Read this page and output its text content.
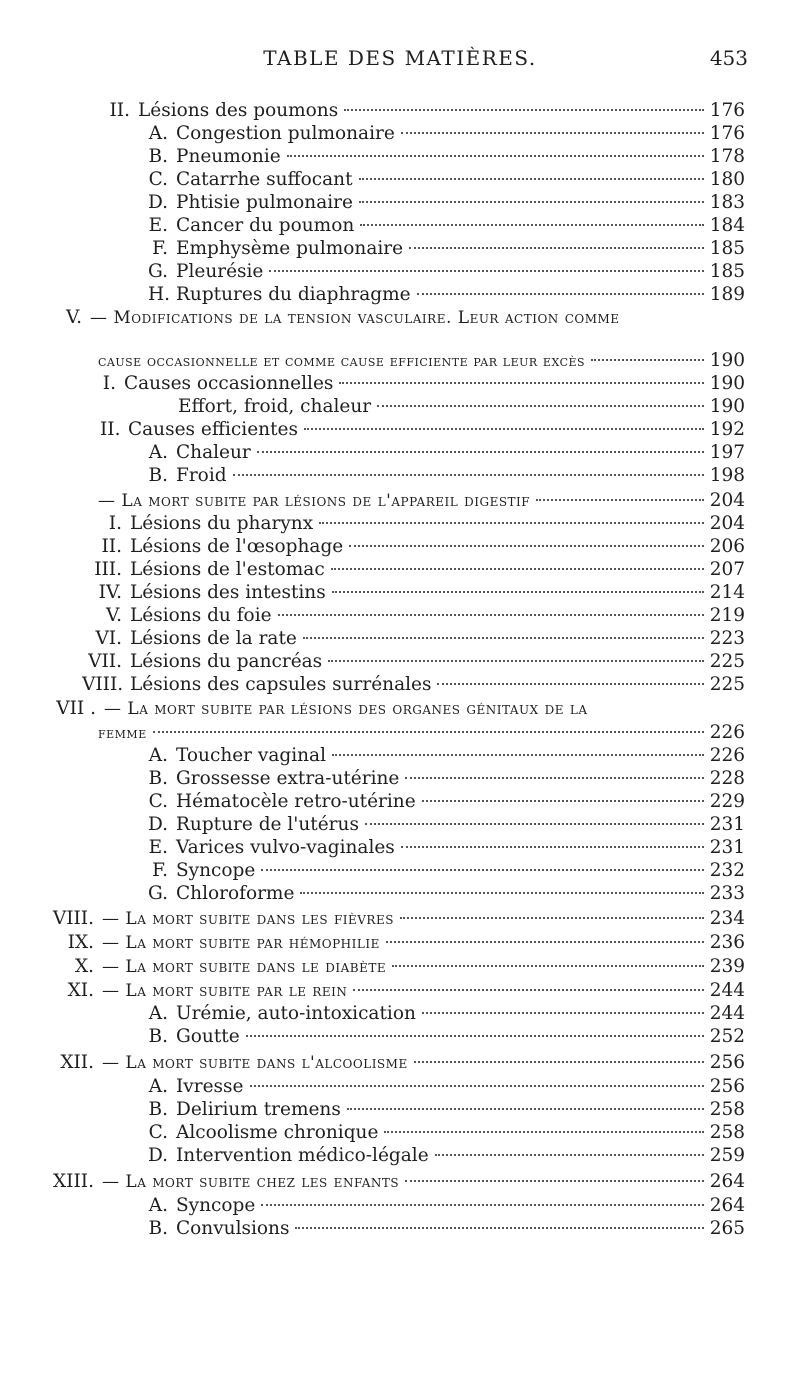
TABLE DES MATIÈRES.	453
II. Lésions des poumons	176
A. Congestion pulmonaire	176
B. Pneumonie	178
C. Catarrhe suffocant	180
D. Phtisie pulmonaire	183
E. Cancer du poumon	184
F. Emphysème pulmonaire	185
G. Pleurésie	185
H. Ruptures du diaphragme	189
V. — Modifications de la tension vasculaire. Leur action comme
cause occasionnelle et comme cause efficiente par leur excès	190
I. Causes occasionnelles	190
Effort, froid, chaleur	190
II. Causes efficientes	192
A. Chaleur	197
B. Froid	198
— La mort subite par lésions de l'appareil digestif	204
I. Lésions du pharynx	204
II. Lésions de l'œsophage	206
III. Lésions de l'estomac	207
IV. Lésions des intestins	214
V. Lésions du foie	219
VI. Lésions de la rate	223
VII. Lésions du pancréas	225
VIII. Lésions des capsules surrénales	225
VII . — La mort subite par lésions des organes génitaux de la
femme	226
A. Toucher vaginal	226
B. Grossesse extra-utérine	228
C. Hématocèle retro-utérine	229
D. Rupture de l'utérus	231
E. Varices vulvo-vaginales	231
F. Syncope	232
G. Chloroforme	233
VIII. — La mort subite dans les fièvres	234
IX. — La mort subite par hémophilie	236
X. — La mort subite dans le diabète	239
XI. — La mort subite par le rein	244
A. Urémie, auto-intoxication	244
B. Goutte	252
XII. — La mort subite dans l'alcoolisme	256
A. Ivresse	256
B. Delirium tremens	258
C. Alcoolisme chronique	258
D. Intervention médico-légale	259
XIII. — La mort subite chez les enfants	264
A. Syncope	264
B. Convulsions	265
